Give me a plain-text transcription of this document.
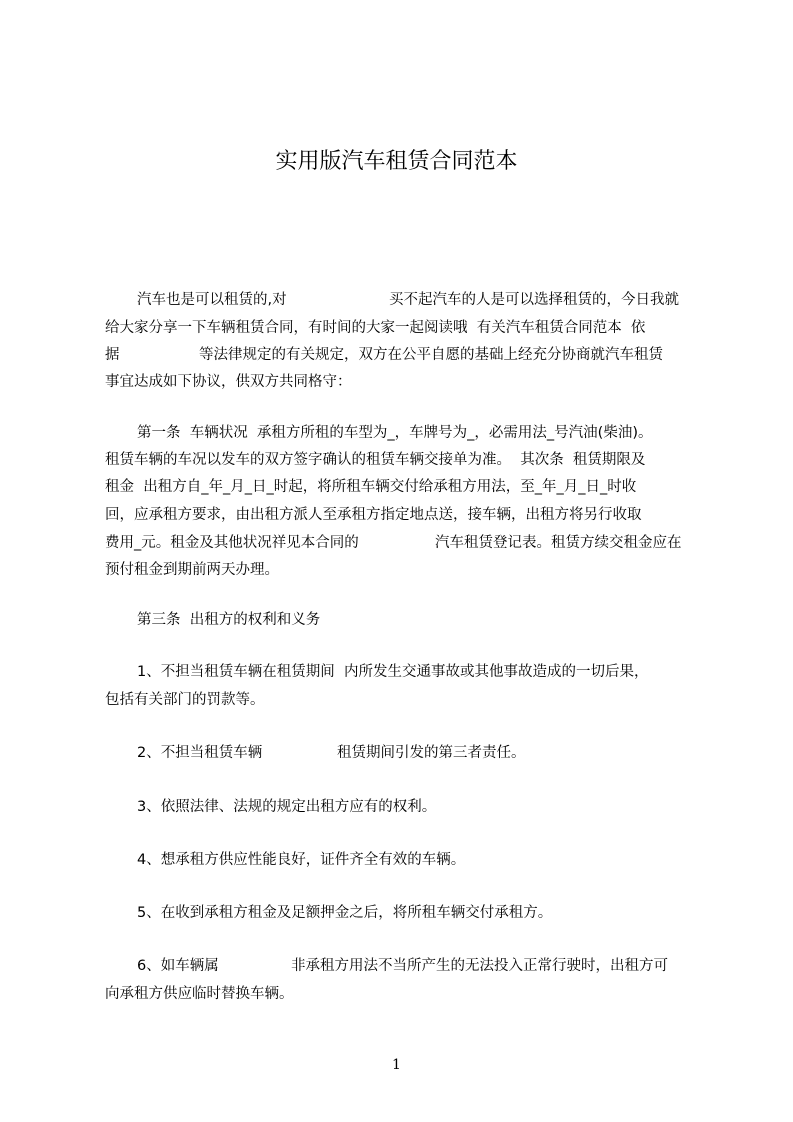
实用版汽车租赁合同范本
汽车也是可以租赁的,对	买不起汽车的人是可以选择租赁的，今日我就
给大家分享一下车辆租赁合同，有时间的大家一起阅读哦  有关汽车租赁合同范本  依
据	等法律规定的有关规定，双方在公平自愿的基础上经充分协商就汽车租赁
事宜达成如下协议，供双方共同格守：
第一条  车辆状况  承租方所租的车型为_，车牌号为_，必需用法_号汽油(柴油)。
租赁车辆的车况以发车的双方签字确认的租赁车辆交接单为准。  其次条  租赁期限及
租金  出租方自_年_月_日_时起，将所租车辆交付给承租方用法，至_年_月_日_时收
回，应承租方要求，由出租方派人至承租方指定地点送，接车辆，出租方将另行收取
费用_元。租金及其他状况祥见本合同的	汽车租赁登记表。租赁方续交租金应在
预付租金到期前两天办理。
第三条  出租方的权利和义务
1、不担当租赁车辆在租赁期间  内所发生交通事故或其他事故造成的一切后果，
包括有关部门的罚款等。
2、不担当租赁车辆	租赁期间引发的第三者责任。
3、依照法律、法规的规定出租方应有的权利。
4、想承租方供应性能良好，证件齐全有效的车辆。
5、在收到承租方租金及足额押金之后，将所租车辆交付承租方。
6、如车辆属	非承租方用法不当所产生的无法投入正常行驶时，出租方可
向承租方供应临时替换车辆。
1
